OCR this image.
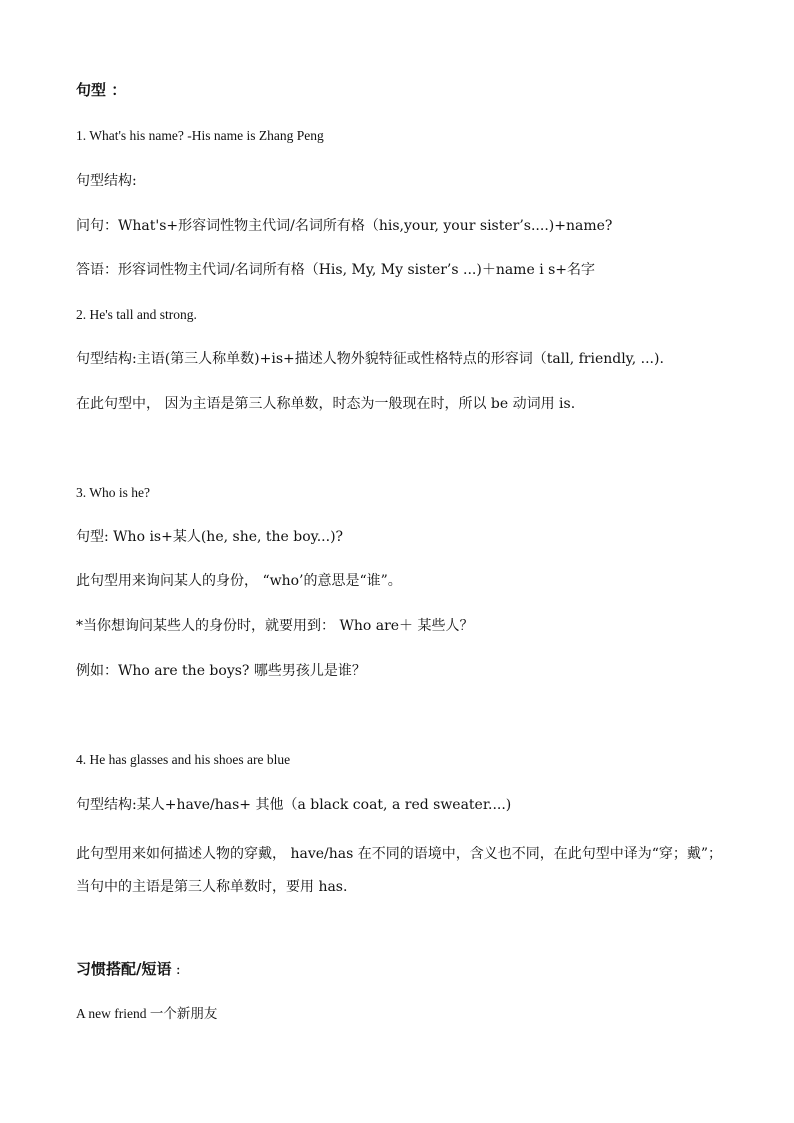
句型 ：
1. What's his name? -His name is Zhang Peng
句型结构:
问句：What's+形容词性物主代词/名词所有格（his,your, your sister’s....)+name?
答语：形容词性物主代词/名词所有格（His, My, My sister’s ...)＋name i s+名字
2. He's tall and strong.
句型结构:主语(第三人称单数)+is+描述人物外貌特征或性格特点的形容词（tall, friendly, ...).
在此句型中， 因为主语是第三人称单数，时态为一般现在时，所以 be 动词用 is.
3. Who is he?
句型: Who is+某人(he, she, the boy...)?
此句型用来询问某人的身份， “who’的意思是“谁”。
*当你想询问某些人的身份时，就要用到： Who are＋ 某些人？
例如：Who are the boys? 哪些男孩儿是谁？
4. He has glasses and his shoes are blue
句型结构:某人+have/has+ 其他（a black coat, a red sweater....)
此句型用来如何描述人物的穿戴， have/has 在不同的语境中，含义也不同，在此句型中译为“穿；戴”； 当句中的主语是第三人称单数时，要用 has.
习惯搭配/短语 :
A new friend 一个新朋友
